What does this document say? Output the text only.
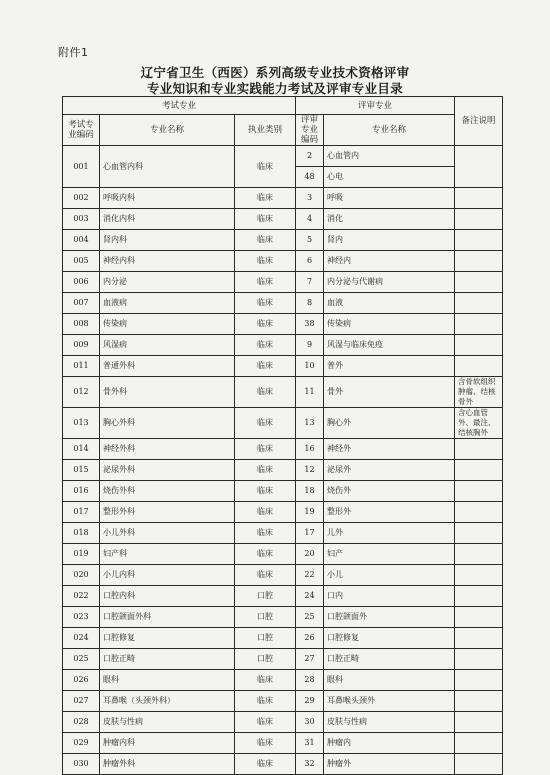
附件1
辽宁省卫生（西医）系列高级专业技术资格评审
专业知识和专业实践能力考试及评审专业目录
考试专业			评审专业		备注说明
考试专业编码	专业名称	执业类别	评审专业编码	专业名称	
001	心血管内科	临床	2	心血管内	
			48	心电	
002	呼吸内科	临床	3	呼吸	
003	消化内科	临床	4	消化	
004	肾内科	临床	5	肾内	
005	神经内科	临床	6	神经内	
006	内分泌	临床	7	内分泌与代谢病	
007	血液病	临床	8	血液	
008	传染病	临床	38	传染病	
009	风湿病	临床	9	风湿与临床免疫	
011	普通外科	临床	10	普外	
012	骨外科	临床	11	骨外	含骨软组织肿瘤、结核骨外
013	胸心外科	临床	13	胸心外	含心血管外、最注、结核胸外
014	神经外科	临床	16	神经外	
015	泌尿外科	临床	12	泌尿外	
016	烧伤外科	临床	18	烧伤外	
017	整形外科	临床	19	整形外	
018	小儿外科	临床	17	儿外	
019	妇产科	临床	20	妇产	
020	小儿内科	临床	22	小儿	
022	口腔内科	口腔	24	口内	
023	口腔颌面外科	口腔	25	口腔颌面外	
024	口腔修复	口腔	26	口腔修复	
025	口腔正畸	口腔	27	口腔正畸	
026	眼科	临床	28	眼科	
027	耳鼻喉（头颈外科）	临床	29	耳鼻喉头颈外	
028	皮肤与性病	临床	30	皮肤与性病	
029	肿瘤内科	临床	31	肿瘤内	
030	肿瘤外科	临床	32	肿瘤外	
